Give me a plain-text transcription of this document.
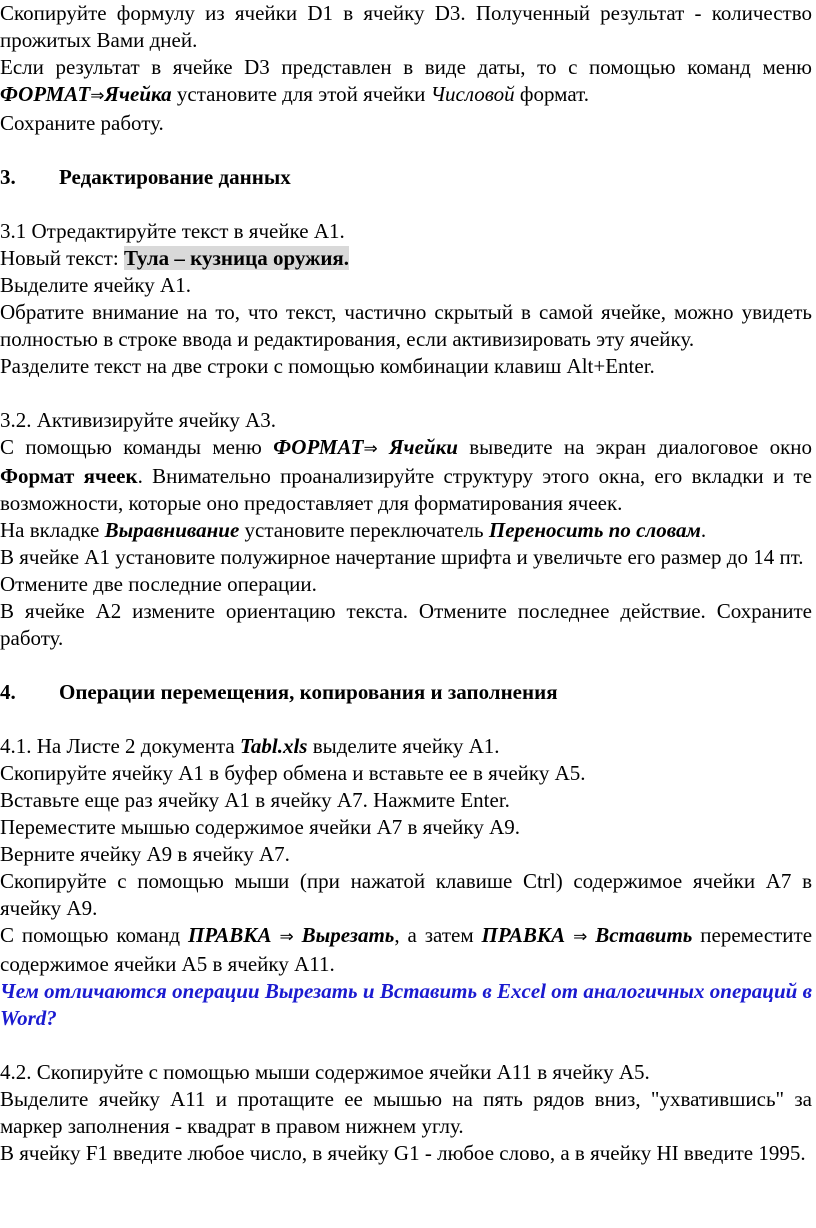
Скопируйте формулу из ячейки D1 в ячейку D3. Полученный результат - количество прожитых Вами дней.

Если результат в ячейке D3 представлен в виде даты, то с помощью команд меню ФОРМАТ⇒Ячейка установите для этой ячейки Числовой формат.

Сохраните работу.

3. Редактирование данных

3.1 Отредактируйте текст в ячейке А1.

Новый текст: Тула – кузница оружия.

Выделите ячейку А1.

Обратите внимание на то, что текст, частично скрытый в самой ячейке, можно увидеть полностью в строке ввода и редактирования, если активизировать эту ячейку.

Разделите текст на две строки с помощью комбинации клавиш Alt+Enter.

3.2. Активизируйте ячейку А3.

С помощью команды меню ФОРМАТ⇒ Ячейки выведите на экран диалоговое окно Формат ячеек. Внимательно проанализируйте структуру этого окна, его вкладки и те возможности, которые оно предоставляет для форматирования ячеек.

На вкладке Выравнивание установите переключатель Переносить по словам.

В ячейке А1 установите полужирное начертание шрифта и увеличьте его размер до 14 пт.

Отмените две последние операции.

В ячейке А2 измените ориентацию текста. Отмените последнее действие. Сохраните работу.

4. Операции перемещения, копирования и заполнения

4.1. На Листе 2 документа Tabl.xls выделите ячейку А1.

Скопируйте ячейку А1 в буфер обмена и вставьте ее в ячейку А5.

Вставьте еще раз ячейку А1 в ячейку А7. Нажмите Enter.

Переместите мышью содержимое ячейки А7 в ячейку А9.

Верните ячейку А9 в ячейку А7.

Скопируйте с помощью мыши (при нажатой клавише Ctrl) содержимое ячейки А7 в ячейку А9.

С помощью команд ПРАВКА ⇒ Вырезать, а затем ПРАВКА ⇒ Вставить переместите содержимое ячейки А5 в ячейку А11.

Чем отличаются операции Вырезать и Вставить в Excel от аналогичных операций в Word?

4.2. Скопируйте с помощью мыши содержимое ячейки А11 в ячейку А5.

Выделите ячейку А11 и протащите ее мышью на пять рядов вниз, "ухватившись" за маркер заполнения - квадрат в правом нижнем углу.

В ячейку F1 введите любое число, в ячейку G1 - любое слово, а в ячейку HI введите 1995.
